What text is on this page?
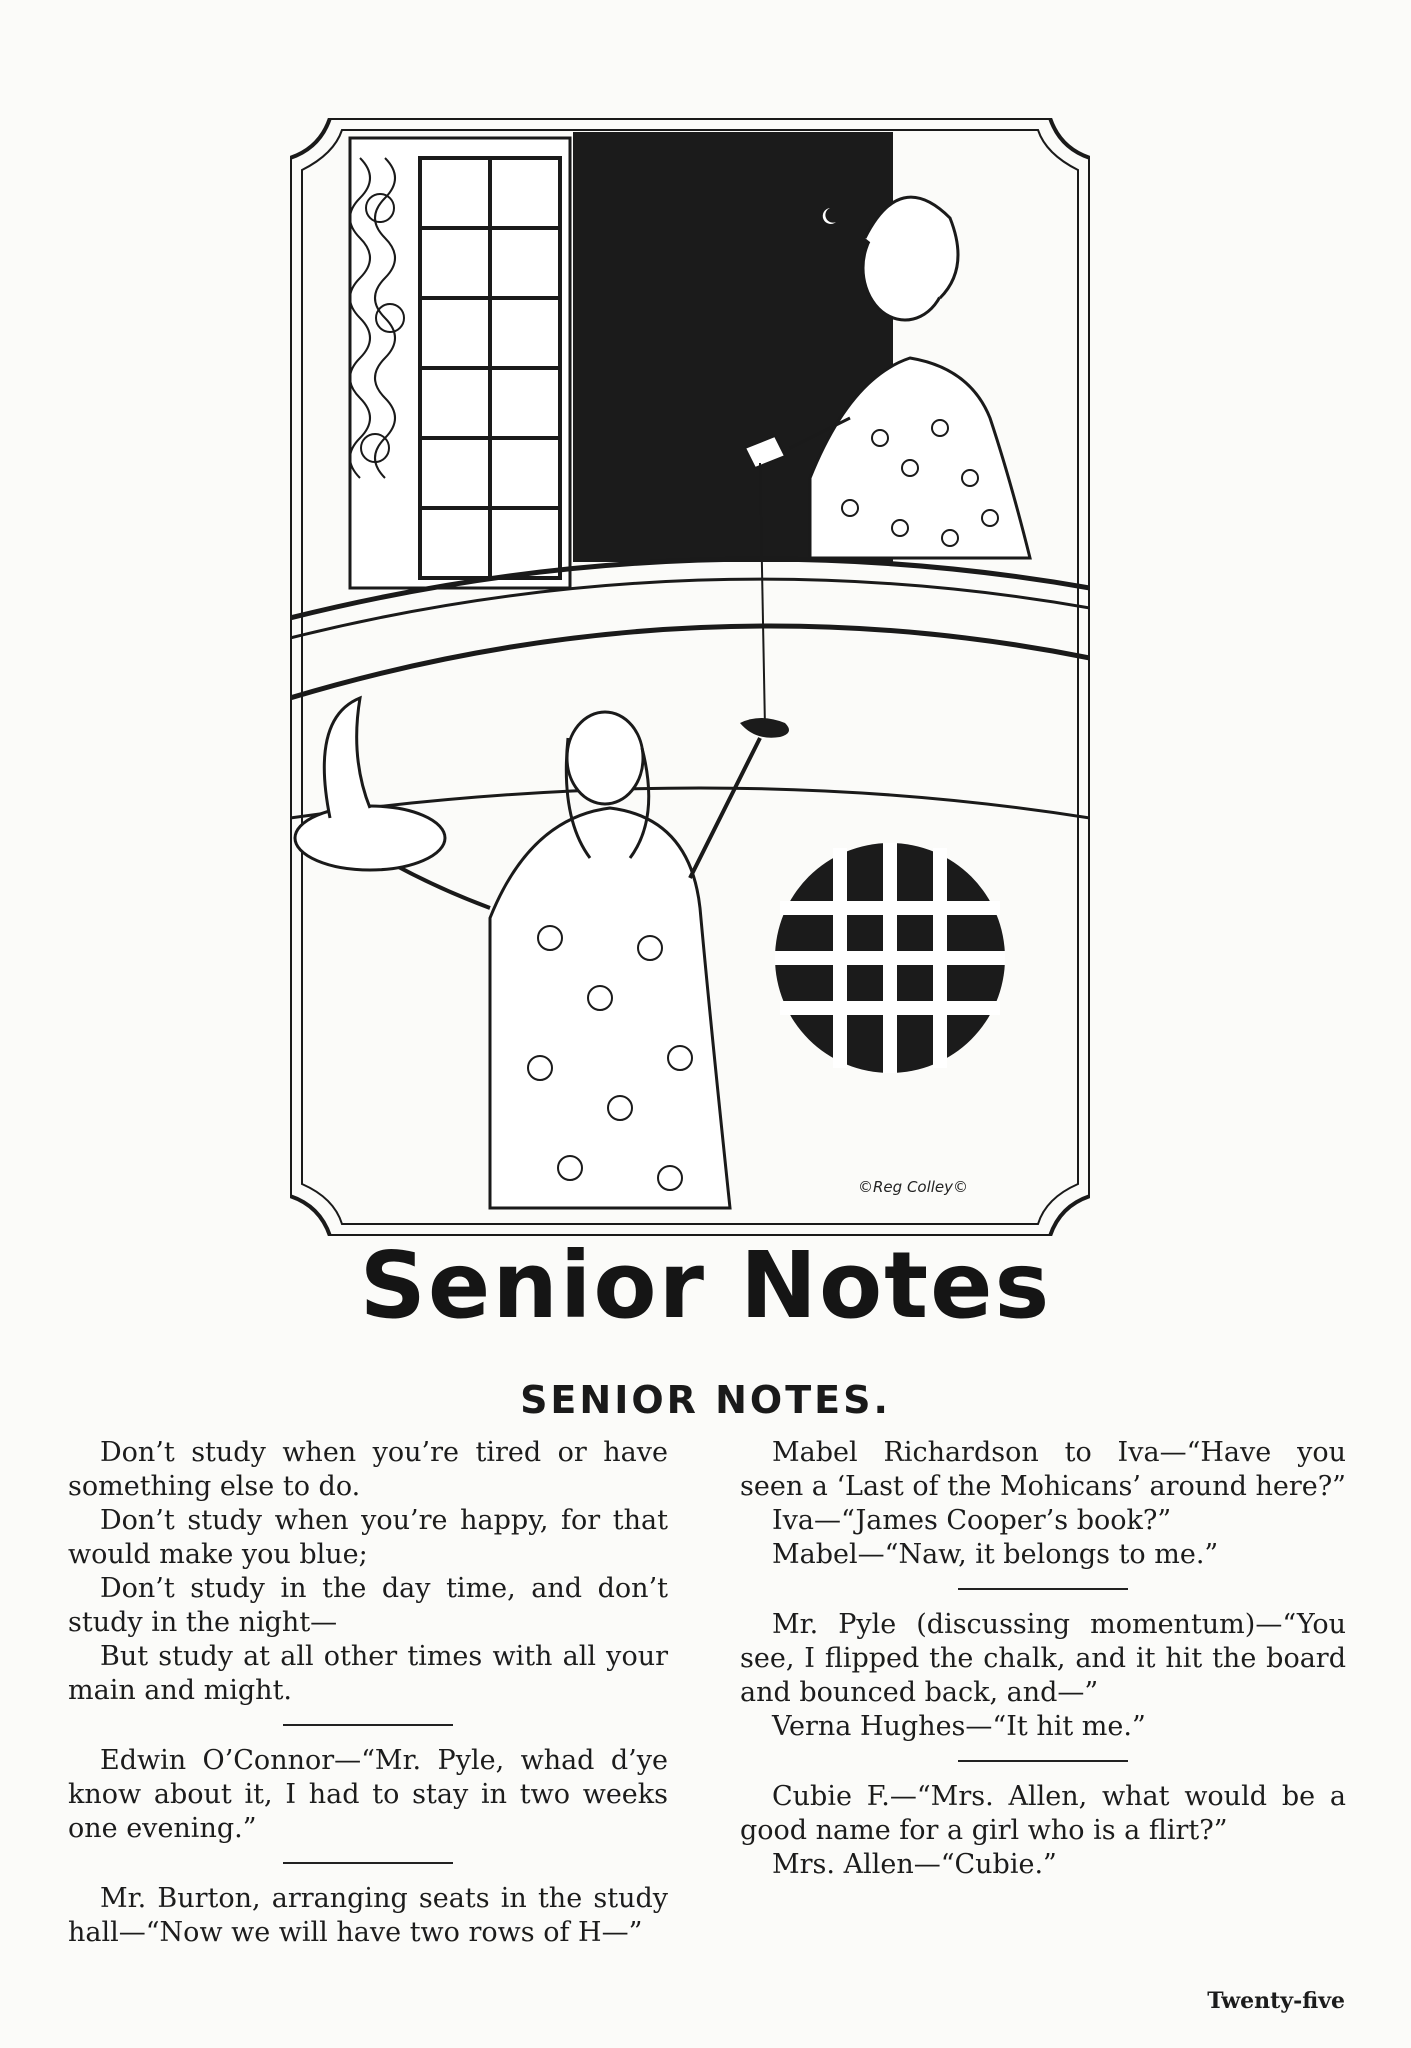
©Reg Colley©
Senior Notes
SENIOR NOTES.

Don’t study when you’re tired or have something else to do.

Don’t study when you’re happy, for that would make you blue;

Don’t study in the day time, and don’t study in the night—

But study at all other times with all your main and might.

Edwin O’Connor—“Mr. Pyle, whad d’ye know about it, I had to stay in two weeks one evening.”

Mr. Burton, arranging seats in the study hall—“Now we will have two rows of H—”

Mabel Richardson to Iva—“Have you seen a ‘Last of the Mohicans’ around here?”

Iva—“James Cooper’s book?”

Mabel—“Naw, it belongs to me.”

Mr. Pyle (discussing momentum)—“You see, I flipped the chalk, and it hit the board and bounced back, and—”

Verna Hughes—“It hit me.”

Cubie F.—“Mrs. Allen, what would be a good name for a girl who is a flirt?”

Mrs. Allen—“Cubie.”

Twenty-five
